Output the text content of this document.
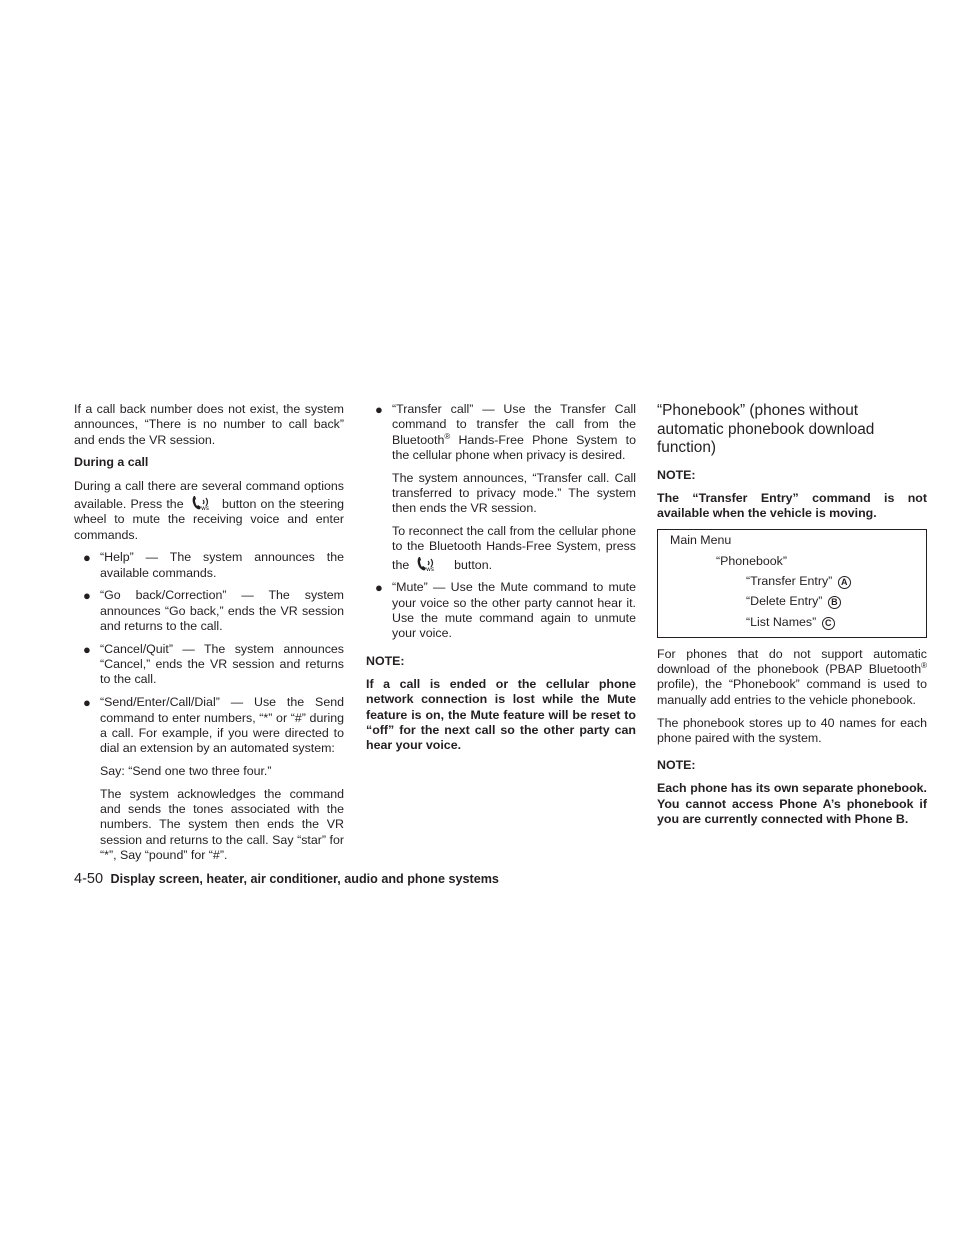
If a call back number does not exist, the system announces, “There is no number to call back” and ends the VR session.

During a call

During a call there are several command options available. Press the	ws button on the steering wheel to mute the receiving voice and enter commands.

● “Help” — The system announces the available commands.
● “Go back/Correction” — The system announces “Go back,” ends the VR session and returns to the call.
● “Cancel/Quit” — The system announces “Cancel,” ends the VR session and returns to the call.
● “Send/Enter/Call/Dial” — Use the Send command to enter numbers, “*” or “#” during a call. For example, if you were directed to dial an extension by an automated system:

Say: “Send one two three four.”

The system acknowledges the command and sends the tones associated with the numbers. The system then ends the VR session and returns to the call. Say “star” for “*”, Say “pound” for “#”.

● “Transfer call” — Use the Transfer Call command to transfer the call from the Bluetooth® Hands-Free Phone System to the cellular phone when privacy is desired.

The system announces, “Transfer call. Call transferred to privacy mode.” The system then ends the VR session.

To reconnect the call from the cellular phone to the Bluetooth Hands-Free System, press the	ws button.

● “Mute” — Use the Mute command to mute your voice so the other party cannot hear it. Use the mute command again to unmute your voice.
NOTE:
If a call is ended or the cellular phone network connection is lost while the Mute feature is on, the Mute feature will be reset to “off” for the next call so the other party can hear your voice.
“Phonebook” (phones without automatic phonebook download function)
NOTE:
The “Transfer Entry” command is not available when the vehicle is moving.
Main Menu
“Phonebook”
“Transfer Entry” A
“Delete Entry” B
“List Names” C

For phones that do not support automatic download of the phonebook (PBAP Bluetooth® profile), the “Phonebook” command is used to manually add entries to the vehicle phonebook.

The phonebook stores up to 40 names for each phone paired with the system.

NOTE:
Each phone has its own separate phonebook. You cannot access Phone A’s phonebook if you are currently connected with Phone B.
4-50 Display screen, heater, air conditioner, audio and phone systems
